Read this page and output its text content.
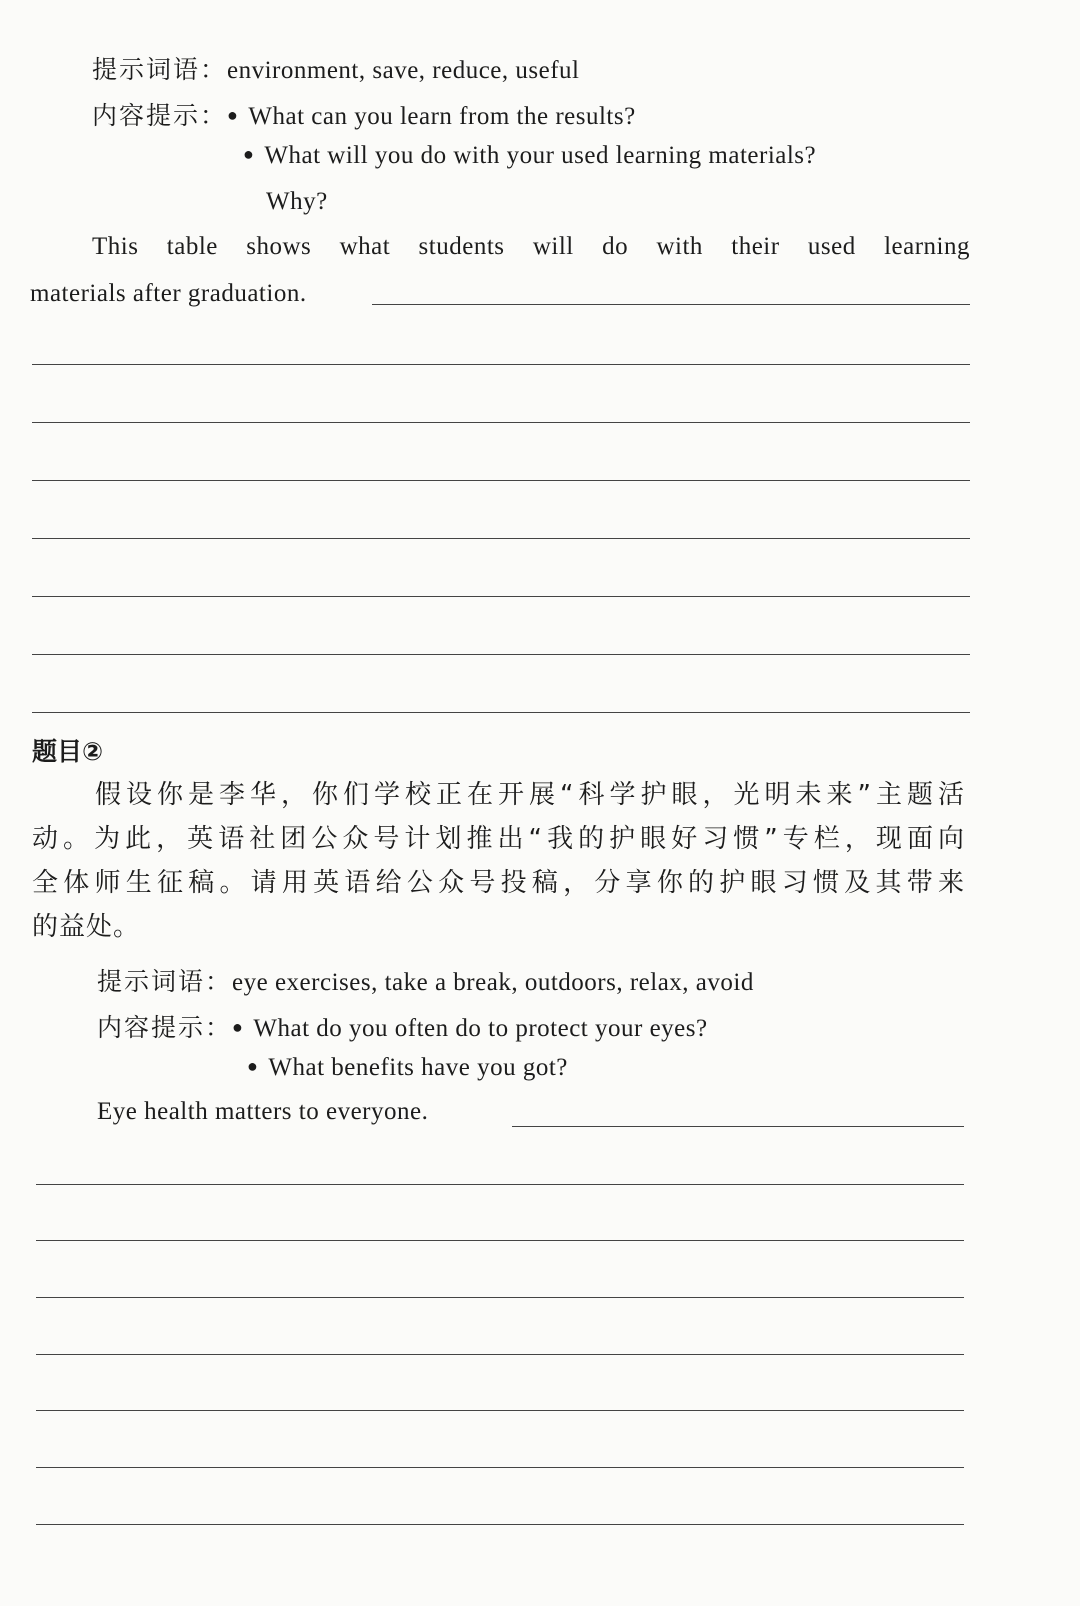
提示词语：environment, save, reduce, useful
内容提示：● What can you learn from the results?
● What will you do with your used learning materials?
Why?
This table shows what students will do with their used learning
materials after graduation.
题目②
假设你是李华，你们学校正在开展“科学护眼，光明未来”主题活
动。为此，英语社团公众号计划推出“我的护眼好习惯”专栏，现面向
全体师生征稿。请用英语给公众号投稿，分享你的护眼习惯及其带来
的益处。
提示词语：eye exercises, take a break, outdoors, relax, avoid
内容提示：● What do you often do to protect your eyes?
● What benefits have you got?
Eye health matters to everyone.
